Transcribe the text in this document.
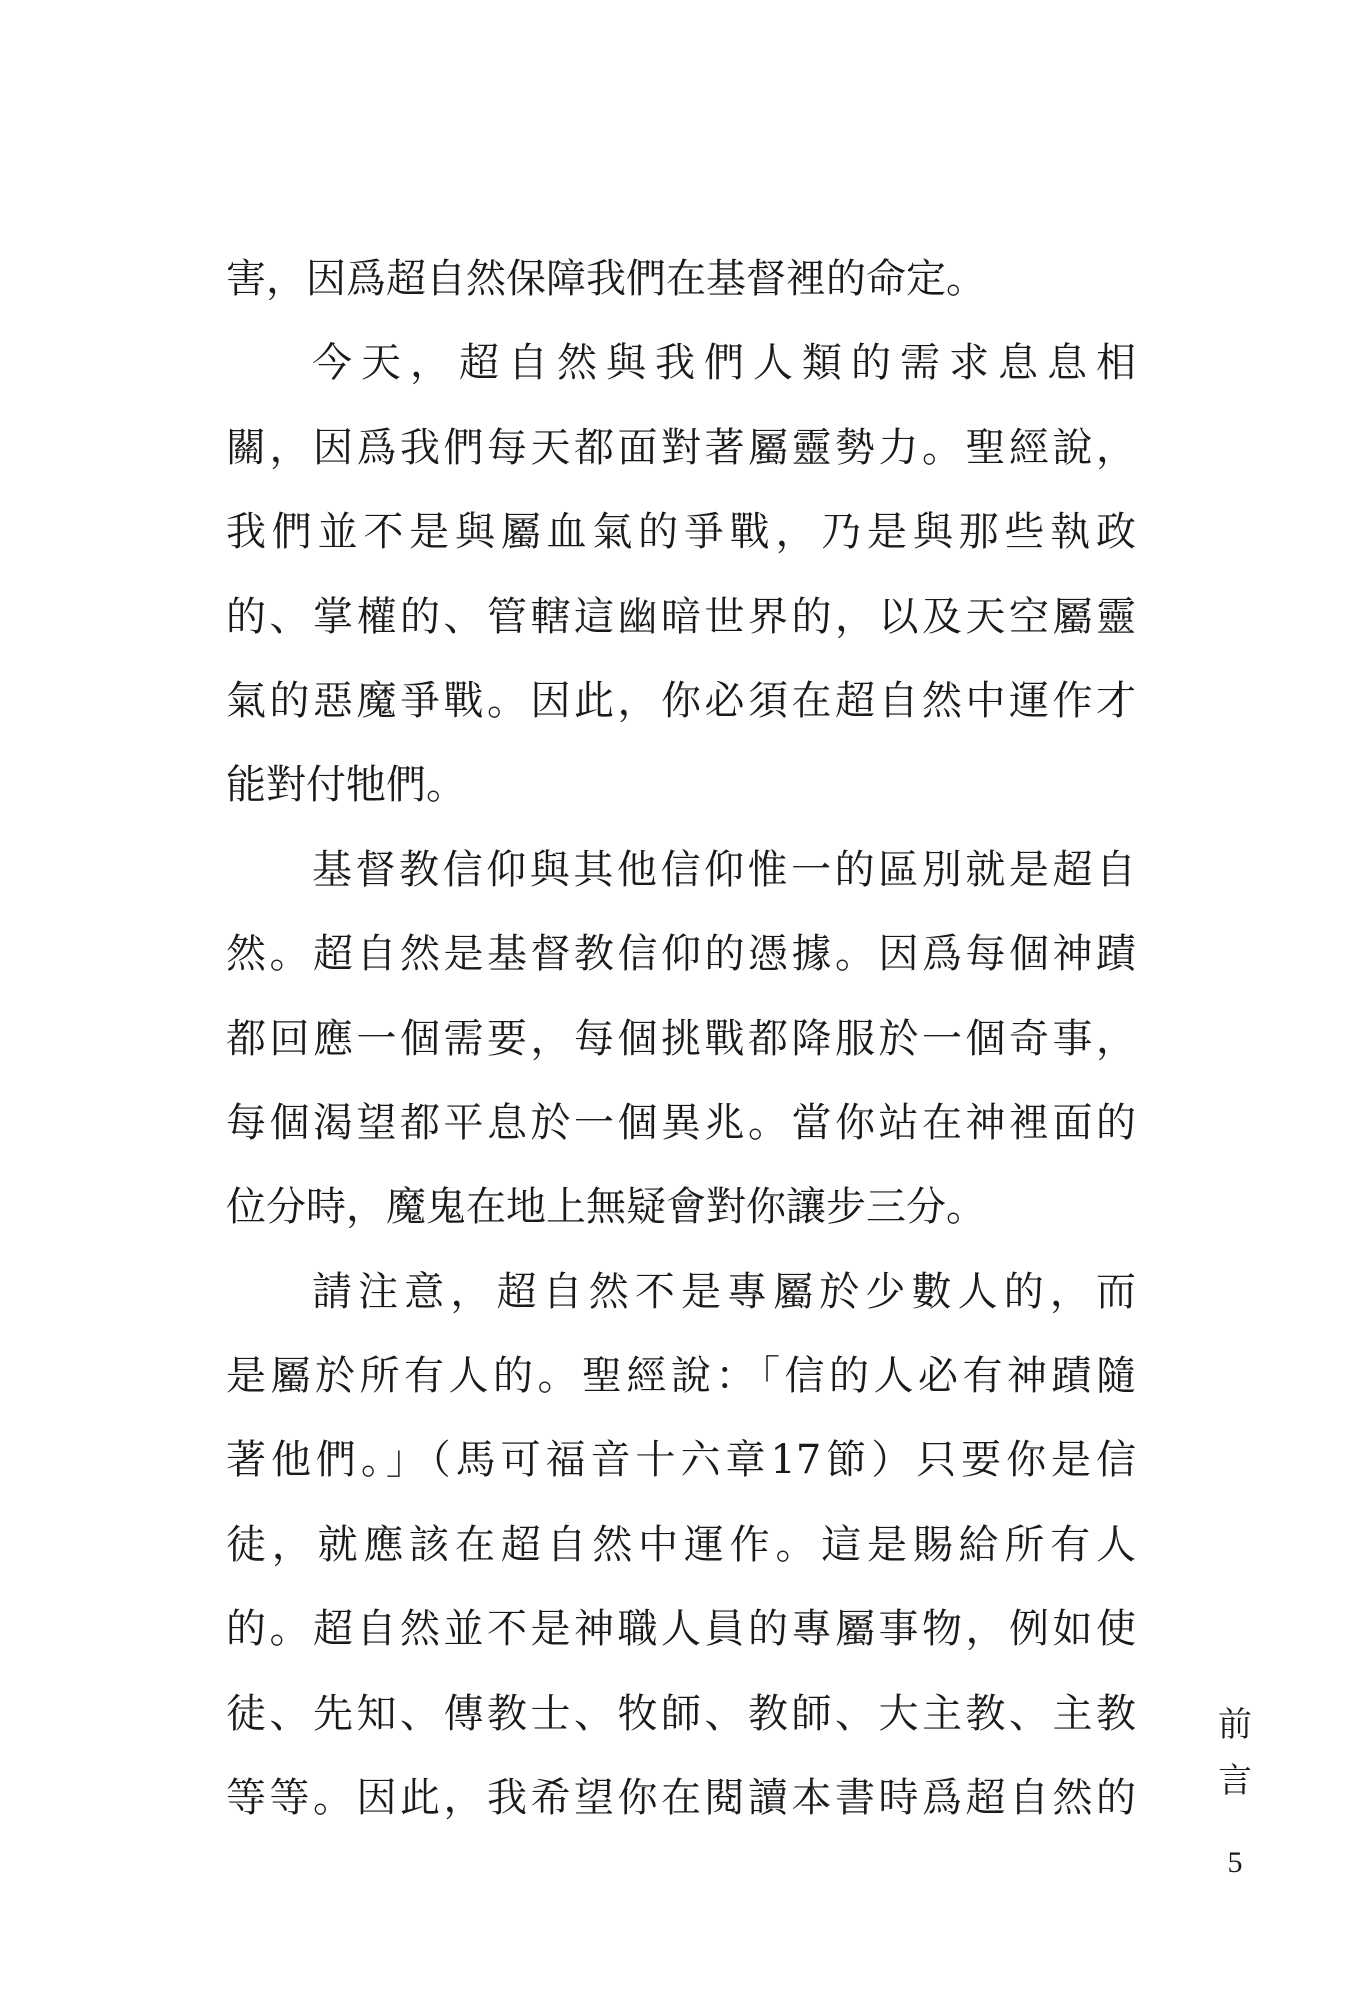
害，因爲超自然保障我們在基督裡的命定。
今天，超自然與我們人類的需求息息相
關，因爲我們每天都面對著屬靈勢力。聖經說，
我們並不是與屬血氣的爭戰，乃是與那些執政
的、掌權的、管轄這幽暗世界的，以及天空屬靈
氣的惡魔爭戰。因此，你必須在超自然中運作才
能對付牠們。
基督教信仰與其他信仰惟一的區別就是超自
然。超自然是基督教信仰的憑據。因爲每個神蹟
都回應一個需要，每個挑戰都降服於一個奇事，
每個渴望都平息於一個異兆。當你站在神裡面的
位分時，魔鬼在地上無疑會對你讓步三分。
請注意，超自然不是專屬於少數人的，而
是屬於所有人的。聖經說：「信的人必有神蹟隨
著他們。」（馬可福音十六章17節）只要你是信
徒，就應該在超自然中運作。這是賜給所有人
的。超自然並不是神職人員的專屬事物，例如使
徒、先知、傳教士、牧師、教師、大主教、主教
等等。因此，我希望你在閱讀本書時爲超自然的
前
言
5
